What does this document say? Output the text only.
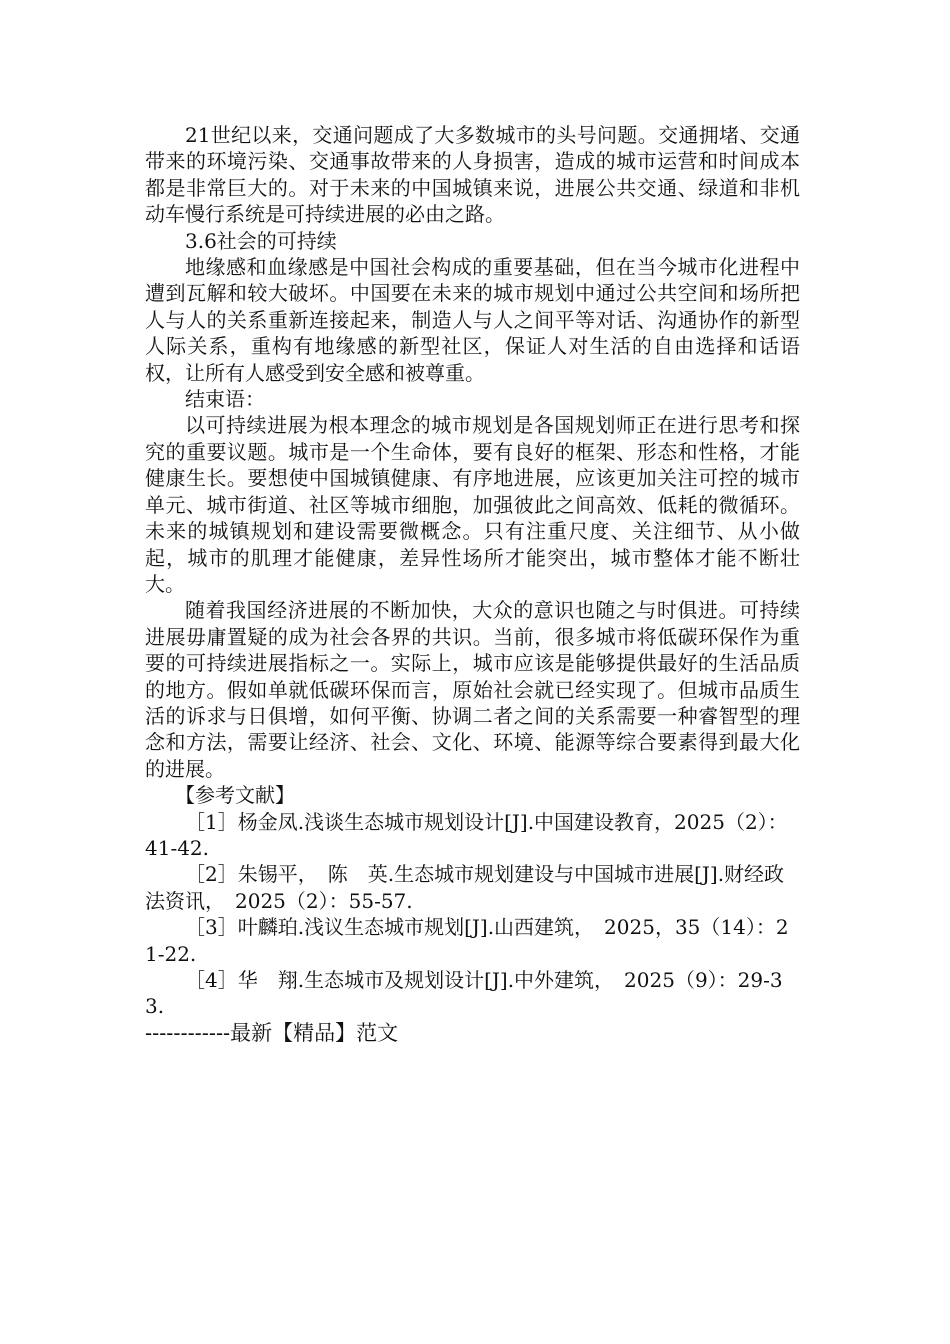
21世纪以来，交通问题成了大多数城市的头号问题。交通拥堵、交通带来的环境污染、交通事故带来的人身损害，造成的城市运营和时间成本都是非常巨大的。对于未来的中国城镇来说，进展公共交通、绿道和非机动车慢行系统是可持续进展的必由之路。

3.6社会的可持续

地缘感和血缘感是中国社会构成的重要基础，但在当今城市化进程中遭到瓦解和较大破坏。中国要在未来的城市规划中通过公共空间和场所把人与人的关系重新连接起来，制造人与人之间平等对话、沟通协作的新型人际关系，重构有地缘感的新型社区，保证人对生活的自由选择和话语权，让所有人感受到安全感和被尊重。

结束语：

以可持续进展为根本理念的城市规划是各国规划师正在进行思考和探究的重要议题。城市是一个生命体，要有良好的框架、形态和性格，才能健康生长。要想使中国城镇健康、有序地进展，应该更加关注可控的城市单元、城市街道、社区等城市细胞，加强彼此之间高效、低耗的微循环。未来的城镇规划和建设需要微概念。只有注重尺度、关注细节、从小做起，城市的肌理才能健康，差异性场所才能突出，城市整体才能不断壮大。

随着我国经济进展的不断加快，大众的意识也随之与时俱进。可持续进展毋庸置疑的成为社会各界的共识。当前，很多城市将低碳环保作为重要的可持续进展指标之一。实际上，城市应该是能够提供最好的生活品质的地方。假如单就低碳环保而言，原始社会就已经实现了。但城市品质生活的诉求与日俱增，如何平衡、协调二者之间的关系需要一种睿智型的理念和方法，需要让经济、社会、文化、环境、能源等综合要素得到最大化的进展。

【参考文献】

［1］杨金凤.浅谈生态城市规划设计[J].中国建设教育，2025（2）：41-42.

［2］朱锡平，　陈　英.生态城市规划建设与中国城市进展[J].财经政法资讯，　2025（2）：55-57.

［3］叶麟珀.浅议生态城市规划[J].山西建筑，　2025，35（14）：21-22.

［4］华　翔.生态城市及规划设计[J].中外建筑，　2025（9）：29-33.

------------最新【精品】范文
